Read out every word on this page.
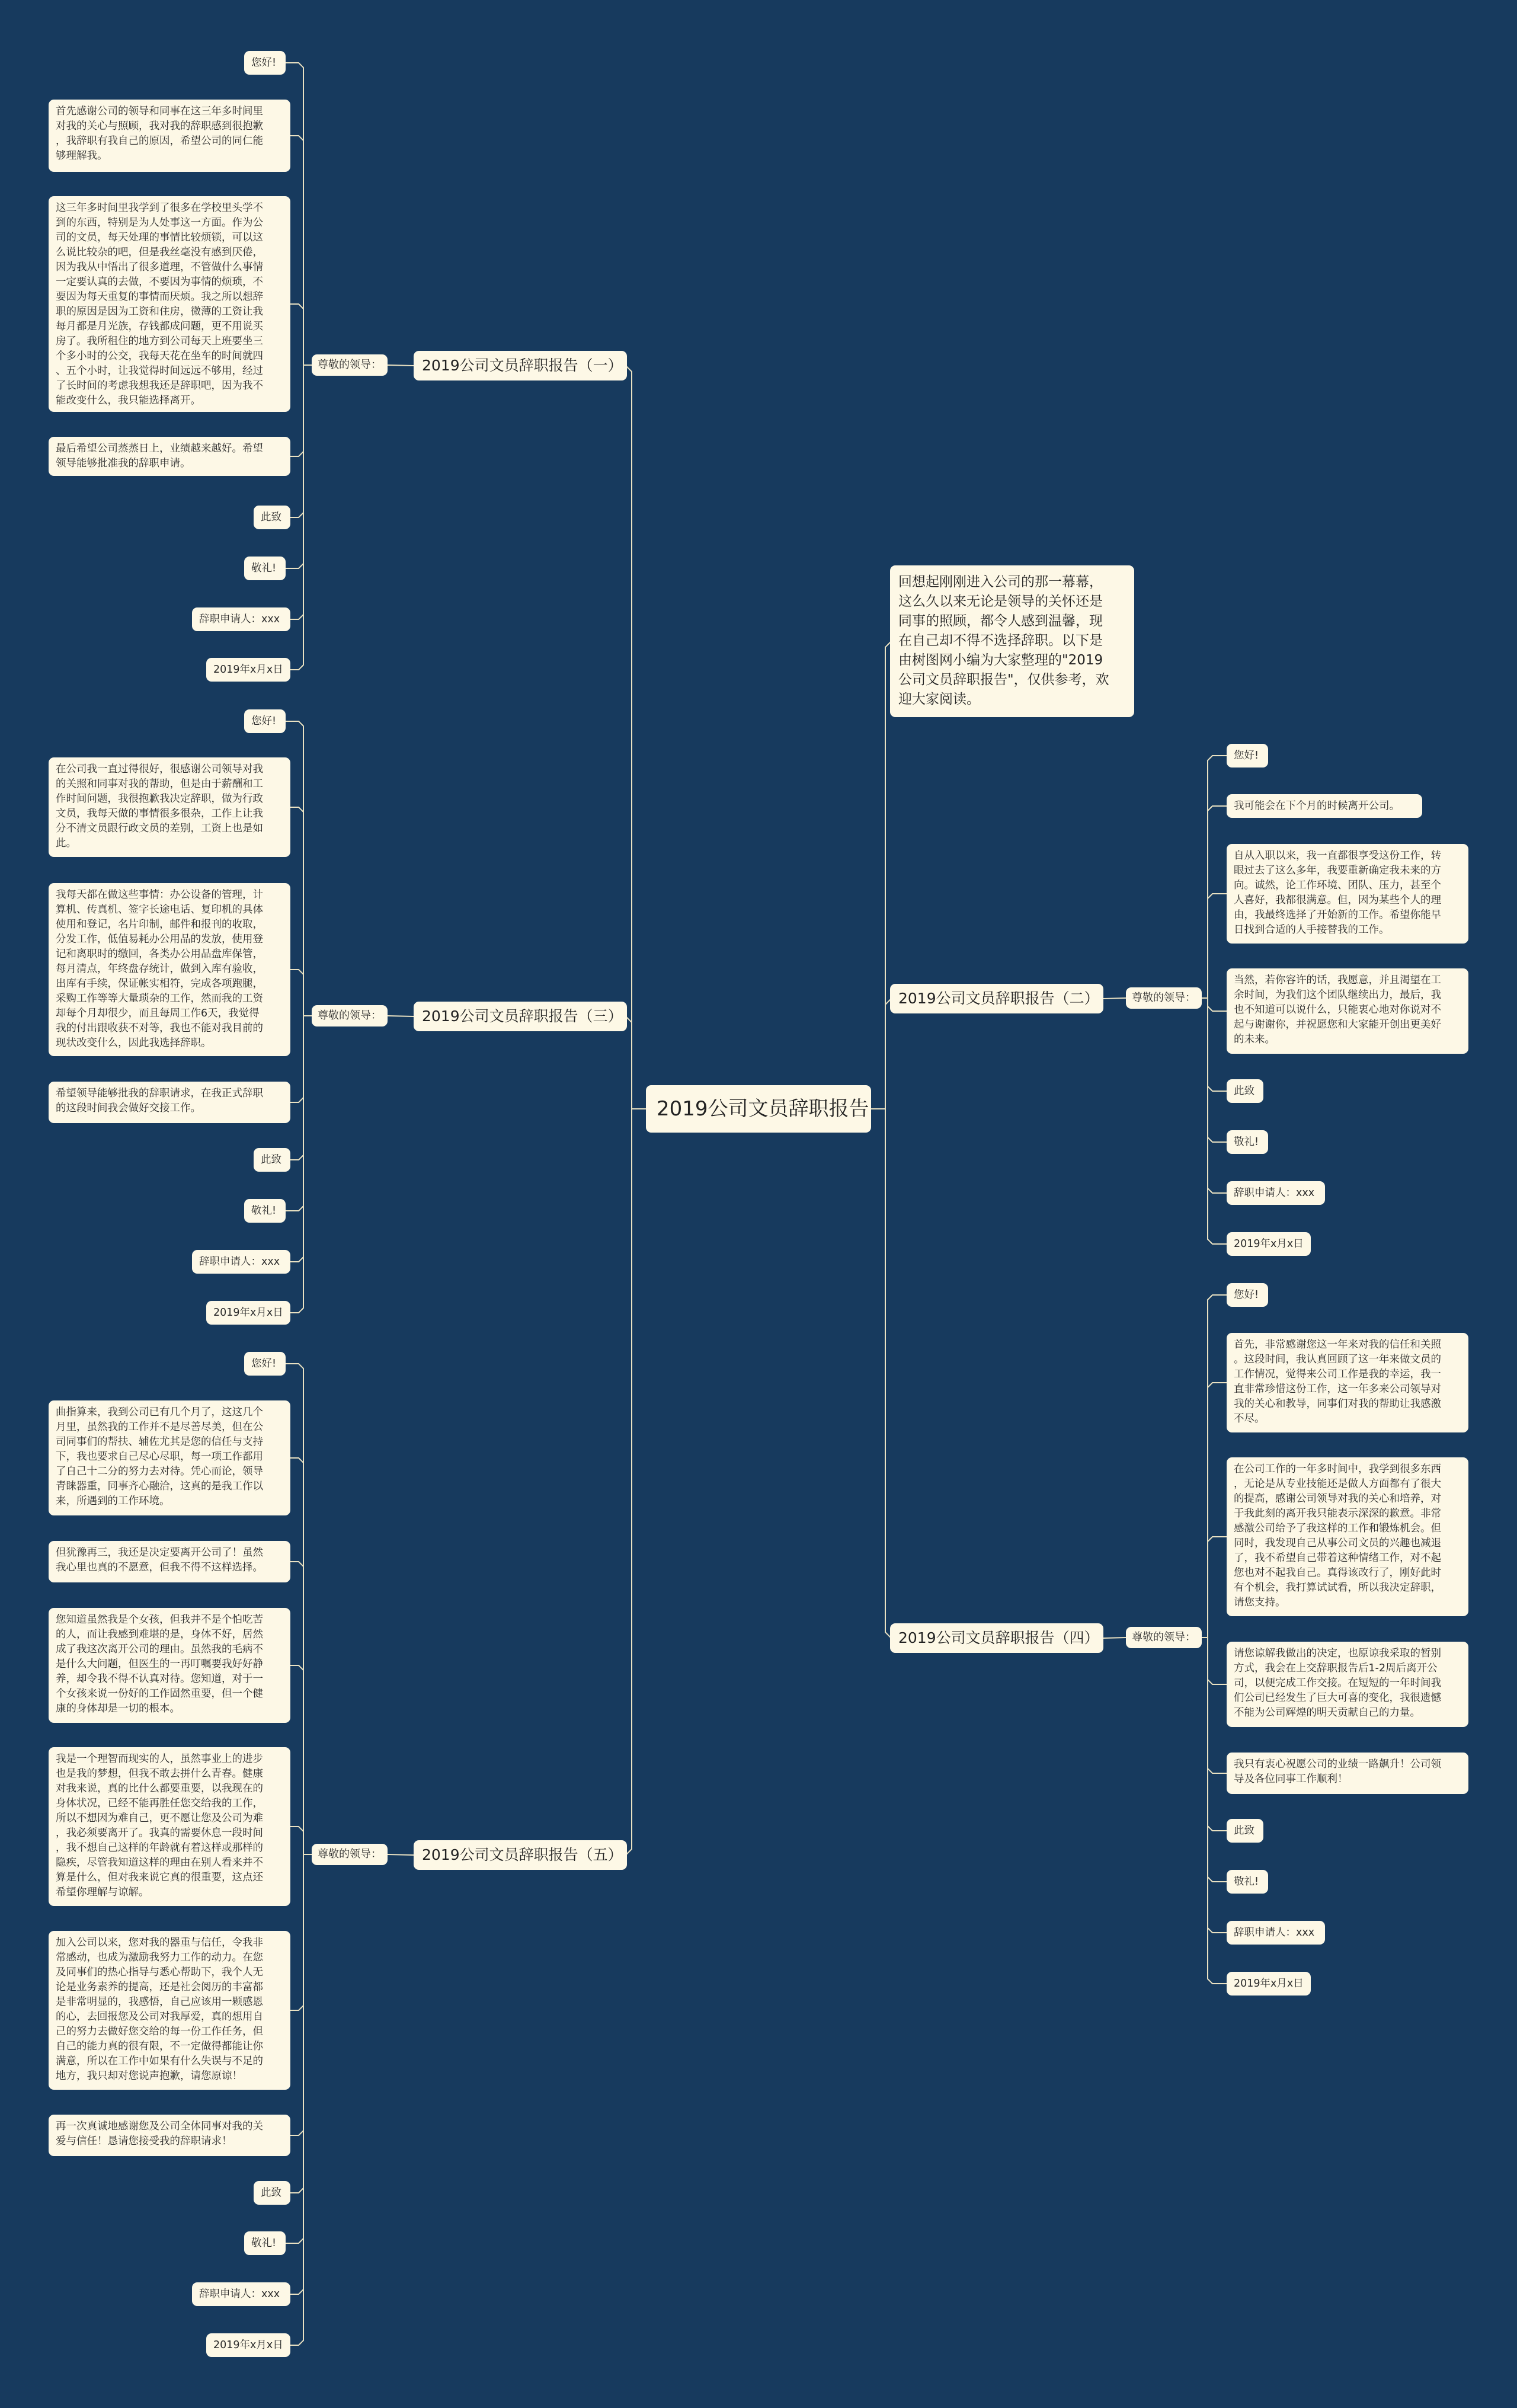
2019公司文员辞职报告
回想起刚刚进入公司的那一幕幕，
这么久以来无论是领导的关怀还是
同事的照顾，都令人感到温馨，现
在自己却不得不选择辞职。以下是
由树图网小编为大家整理的"2019
公司文员辞职报告"，仅供参考，欢
迎大家阅读。
2019公司文员辞职报告（一）
尊敬的领导：
2019公司文员辞职报告（三）
尊敬的领导：
2019公司文员辞职报告（五）
尊敬的领导：
2019公司文员辞职报告（二）	尊敬的领导：
2019公司文员辞职报告（四）	尊敬的领导：
您好!
首先感谢公司的领导和同事在这三年多时间里
对我的关心与照顾，我对我的辞职感到很抱歉
，我辞职有我自己的原因，希望公司的同仁能
够理解我。
这三年多时间里我学到了很多在学校里头学不
到的东西，特别是为人处事这一方面。作为公
司的文员，每天处理的事情比较烦锁，可以这
么说比较杂的吧，但是我丝毫没有感到厌倦，
因为我从中悟出了很多道理，不管做什么事情
一定要认真的去做，不要因为事情的烦琐，不
要因为每天重复的事情而厌烦。我之所以想辞
职的原因是因为工资和住房，微薄的工资让我
每月都是月光族，存钱都成问题，更不用说买
房了。我所租住的地方到公司每天上班要坐三
个多小时的公交，我每天花在坐车的时间就四
、五个小时，让我觉得时间远远不够用，经过
了长时间的考虑我想我还是辞职吧，因为我不
能改变什么，我只能选择离开。
最后希望公司蒸蒸日上，业绩越来越好。希望
领导能够批准我的辞职申请。
此致
敬礼!
辞职申请人：xxx
2019年x月x日
您好!
在公司我一直过得很好，很感谢公司领导对我
的关照和同事对我的帮助，但是由于薪酬和工
作时间问题，我很抱歉我决定辞职，做为行政
文员，我每天做的事情很多很杂，工作上让我
分不清文员跟行政文员的差别，工资上也是如
此。
我每天都在做这些事情：办公设备的管理，计
算机、传真机、签字长途电话、复印机的具体
使用和登记，名片印制，邮件和报刊的收取，
分发工作，低值易耗办公用品的发放，使用登
记和离职时的缴回，各类办公用品盘库保管，
每月清点，年终盘存统计，做到入库有验收，
出库有手续，保证帐实相符，完成各项跑腿，
采购工作等等大量琐杂的工作，然而我的工资
却每个月却很少，而且每周工作6天，我觉得
我的付出跟收获不对等，我也不能对我目前的
现状改变什么，因此我选择辞职。
希望领导能够批我的辞职请求，在我正式辞职
的这段时间我会做好交接工作。
此致
敬礼!
辞职申请人：xxx
2019年x月x日
您好!
曲指算来，我到公司已有几个月了，这这几个
月里，虽然我的工作并不是尽善尽美，但在公
司同事们的帮扶、辅佐尤其是您的信任与支持
下，我也要求自己尽心尽职，每一项工作都用
了自己十二分的努力去对待。凭心而论，领导
青睐器重，同事齐心融洽，这真的是我工作以
来，所遇到的工作环境。
但犹豫再三，我还是决定要离开公司了！虽然
我心里也真的不愿意，但我不得不这样选择。
您知道虽然我是个女孩，但我并不是个怕吃苦
的人，而让我感到难堪的是，身体不好，居然
成了我这次离开公司的理由。虽然我的毛病不
是什么大问题，但医生的一再叮嘱要我好好静
养，却令我不得不认真对待。您知道，对于一
个女孩来说一份好的工作固然重要，但一个健
康的身体却是一切的根本。
我是一个理智而现实的人，虽然事业上的进步
也是我的梦想，但我不敢去拼什么青春。健康
对我来说，真的比什么都要重要，以我现在的
身体状况，已经不能再胜任您交给我的工作，
所以不想因为难自己，更不愿让您及公司为难
，我必须要离开了。我真的需要休息一段时间
，我不想自己这样的年龄就有着这样或那样的
隐疾，尽管我知道这样的理由在别人看来并不
算是什么，但对我来说它真的很重要，这点还
希望你理解与谅解。
加入公司以来，您对我的器重与信任，令我非
常感动，也成为激励我努力工作的动力。在您
及同事们的热心指导与悉心帮助下，我个人无
论是业务素养的提高，还是社会阅历的丰富都
是非常明显的，我感悟，自己应该用一颗感恩
的心，去回报您及公司对我厚爱，真的想用自
己的努力去做好您交给的每一份工作任务，但
自己的能力真的很有限，不一定做得都能让你
满意，所以在工作中如果有什么失误与不足的
地方，我只却对您说声抱歉，请您原谅！
再一次真诚地感谢您及公司全体同事对我的关
爱与信任！恳请您接受我的辞职请求！
此致
敬礼!
辞职申请人：xxx
2019年x月x日
您好!
我可能会在下个月的时候离开公司。
自从入职以来，我一直都很享受这份工作，转
眼过去了这么多年，我要重新确定我未来的方
向。诚然，论工作环境、团队、压力，甚至个
人喜好，我都很满意。但，因为某些个人的理
由，我最终选择了开始新的工作。希望你能早
日找到合适的人手接替我的工作。
当然，若你容许的话，我愿意，并且渴望在工
余时间，为我们这个团队继续出力，最后，我
也不知道可以说什么，只能衷心地对你说对不
起与谢谢你，并祝愿您和大家能开创出更美好
的未来。
此致
敬礼!
辞职申请人：xxx
2019年x月x日
您好!
首先，非常感谢您这一年来对我的信任和关照
。这段时间，我认真回顾了这一年来做文员的
工作情况，觉得来公司工作是我的幸运，我一
直非常珍惜这份工作，这一年多来公司领导对
我的关心和教导，同事们对我的帮助让我感激
不尽。
在公司工作的一年多时间中，我学到很多东西
，无论是从专业技能还是做人方面都有了很大
的提高，感谢公司领导对我的关心和培养，对
于我此刻的离开我只能表示深深的歉意。非常
感激公司给予了我这样的工作和锻炼机会。但
同时，我发现自己从事公司文员的兴趣也减退
了，我不希望自己带着这种情绪工作，对不起
您也对不起我自己。真得该改行了，刚好此时
有个机会，我打算试试看，所以我决定辞职，
请您支持。
请您谅解我做出的决定，也原谅我采取的暂别
方式，我会在上交辞职报告后1-2周后离开公
司，以便完成工作交接。在短短的一年时间我
们公司已经发生了巨大可喜的变化，我很遗憾
不能为公司辉煌的明天贡献自己的力量。
我只有衷心祝愿公司的业绩一路飙升！公司领
导及各位同事工作顺利！
此致
敬礼!
辞职申请人：xxx
2019年x月x日
